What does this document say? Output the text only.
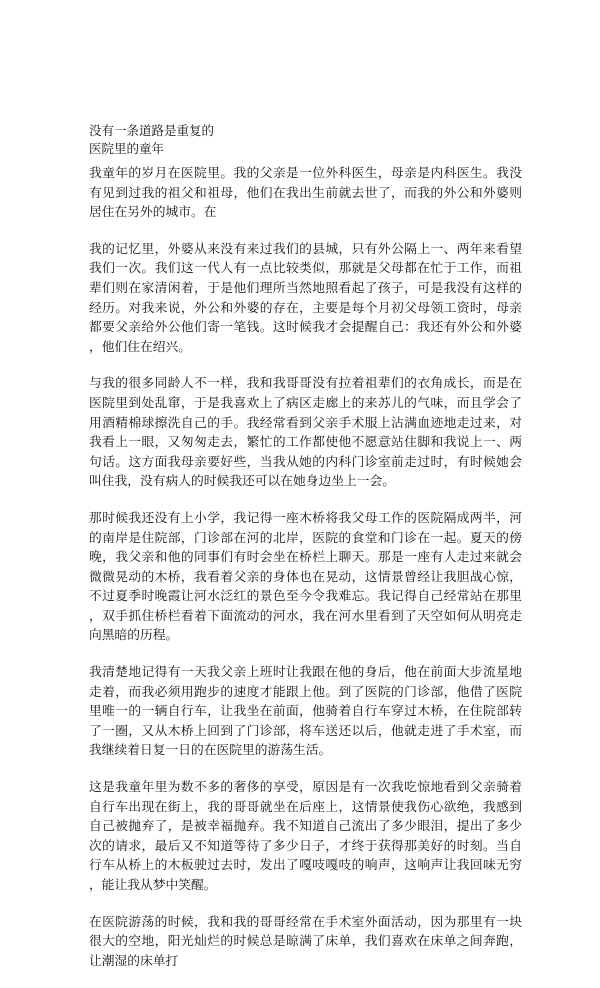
没有一条道路是重复的
医院里的童年

我童年的岁月在医院里。我的父亲是一位外科医生，母亲是内科医生。我没有见到过我的祖父和祖母，他们在我出生前就去世了，而我的外公和外婆则居住在另外的城市。在

我的记忆里，外婆从来没有来过我们的县城，只有外公隔上一、两年来看望我们一次。我们这一代人有一点比较类似，那就是父母都在忙于工作，而祖辈们则在家清闲着，于是他们理所当然地照看起了孩子，可是我没有这样的经历。对我来说，外公和外婆的存在，主要是每个月初父母领工资时，母亲都要父亲给外公他们寄一笔钱。这时候我才会提醒自己：我还有外公和外婆，他们住在绍兴。

与我的很多同龄人不一样，我和我哥哥没有拉着祖辈们的衣角成长，而是在医院里到处乱窜，于是我喜欢上了病区走廊上的来苏儿的气味，而且学会了用酒精棉球擦洗自己的手。我经常看到父亲手术服上沾满血迹地走过来，对我看上一眼，又匆匆走去，繁忙的工作都使他不愿意站住脚和我说上一、两句话。这方面我母亲要好些，当我从她的内科门诊室前走过时，有时候她会叫住我，没有病人的时候我还可以在她身边坐上一会。

那时候我还没有上小学，我记得一座木桥将我父母工作的医院隔成两半，河的南岸是住院部，门诊部在河的北岸，医院的食堂和门诊在一起。夏天的傍晚，我父亲和他的同事们有时会坐在桥栏上聊天。那是一座有人走过来就会微微晃动的木桥，我看着父亲的身体也在晃动，这情景曾经让我胆战心惊，不过夏季时晚霞让河水泛红的景色至今令我难忘。我记得自己经常站在那里，双手抓住桥栏看着下面流动的河水，我在河水里看到了天空如何从明亮走向黑暗的历程。

我清楚地记得有一天我父亲上班时让我跟在他的身后，他在前面大步流星地走着，而我必须用跑步的速度才能跟上他。到了医院的门诊部，他借了医院里唯一的一辆自行车，让我坐在前面，他骑着自行车穿过木桥，在住院部转了一圈，又从木桥上回到了门诊部，将车送还以后，他就走进了手术室，而我继续着日复一日的在医院里的游荡生活。

这是我童年里为数不多的奢侈的享受，原因是有一次我吃惊地看到父亲骑着自行车出现在街上，我的哥哥就坐在后座上，这情景使我伤心欲绝，我感到自己被抛弃了，是被幸福抛弃。我不知道自己流出了多少眼泪，提出了多少次的请求，最后又不知道等待了多少日子，才终于获得那美好的时刻。当自行车从桥上的木板驶过去时，发出了嘎吱嘎吱的响声，这响声让我回味无穷，能让我从梦中笑醒。

在医院游荡的时候，我和我的哥哥经常在手术室外面活动，因为那里有一块很大的空地，阳光灿烂的时候总是晾满了床单，我们喜欢在床单之间奔跑，让潮湿的床单打
